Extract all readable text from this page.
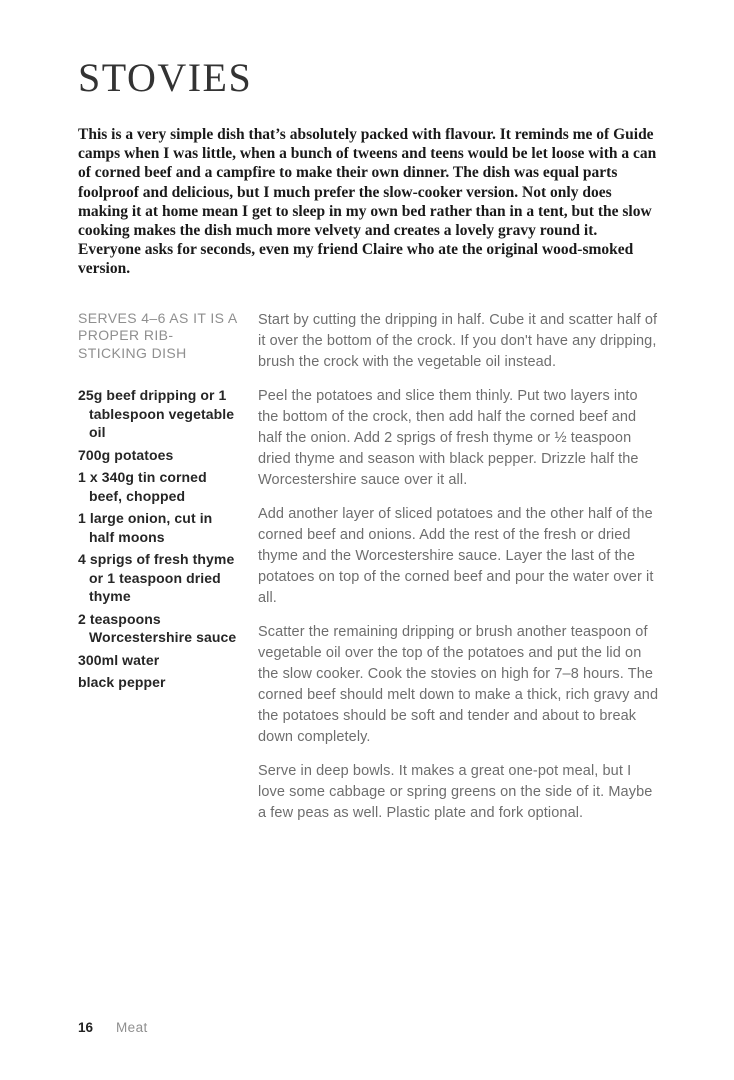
STOVIES

This is a very simple dish that’s absolutely packed with flavour. It reminds me of Guide camps when I was little, when a bunch of tweens and teens would be let loose with a can of corned beef and a campfire to make their own dinner. The dish was equal parts foolproof and delicious, but I much prefer the slow-cooker version. Not only does making it at home mean I get to sleep in my own bed rather than in a tent, but the slow cooking makes the dish much more velvety and creates a lovely gravy round it. Everyone asks for seconds, even my friend Claire who ate the original wood-smoked version.

SERVES 4–6 AS IT IS A PROPER RIB-STICKING DISH

25g beef dripping or 1 tablespoon vegetable oil

700g potatoes

1 x 340g tin corned beef, chopped

1 large onion, cut in half moons

4 sprigs of fresh thyme or 1 teaspoon dried thyme

2 teaspoons Worcestershire sauce

300ml water

black pepper

Start by cutting the dripping in half. Cube it and scatter half of it over the bottom of the crock. If you don't have any dripping, brush the crock with the vegetable oil instead.

Peel the potatoes and slice them thinly. Put two layers into the bottom of the crock, then add half the corned beef and half the onion. Add 2 sprigs of fresh thyme or ½ teaspoon dried thyme and season with black pepper. Drizzle half the Worcestershire sauce over it all.

Add another layer of sliced potatoes and the other half of the corned beef and onions. Add the rest of the fresh or dried thyme and the Worcestershire sauce. Layer the last of the potatoes on top of the corned beef and pour the water over it all.

Scatter the remaining dripping or brush another teaspoon of vegetable oil over the top of the potatoes and put the lid on the slow cooker. Cook the stovies on high for 7–8 hours. The corned beef should melt down to make a thick, rich gravy and the potatoes should be soft and tender and about to break down completely.

Serve in deep bowls. It makes a great one-pot meal, but I love some cabbage or spring greens on the side of it. Maybe a few peas as well. Plastic plate and fork optional.

16 Meat
